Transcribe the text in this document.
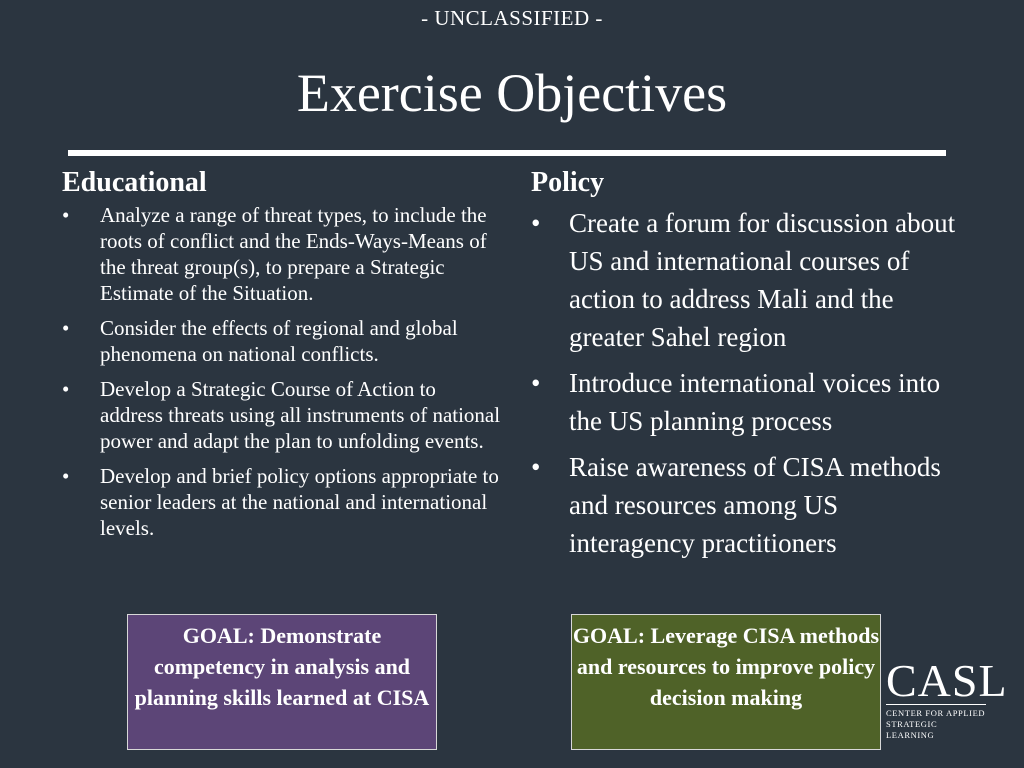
- UNCLASSIFIED -
Exercise Objectives
Educational
• Analyze a range of threat types, to include the roots of conflict and the Ends-Ways-Means of the threat group(s), to prepare a Strategic Estimate of the Situation.
• Consider the effects of regional and global phenomena on national conflicts.
• Develop a Strategic Course of Action to address threats using all instruments of national power and adapt the plan to unfolding events.
• Develop and brief policy options appropriate to senior leaders at the national and international levels.
Policy
• Create a forum for discussion about US and international courses of action to address Mali and the greater Sahel region
• Introduce international voices into the US planning process
• Raise awareness of CISA methods and resources among US interagency practitioners
GOAL: Demonstrate competency in analysis and planning skills learned at CISA
GOAL: Leverage CISA methods and resources to improve policy decision making	CASL
CENTER FOR APPLIED
STRATEGIC LEARNING
